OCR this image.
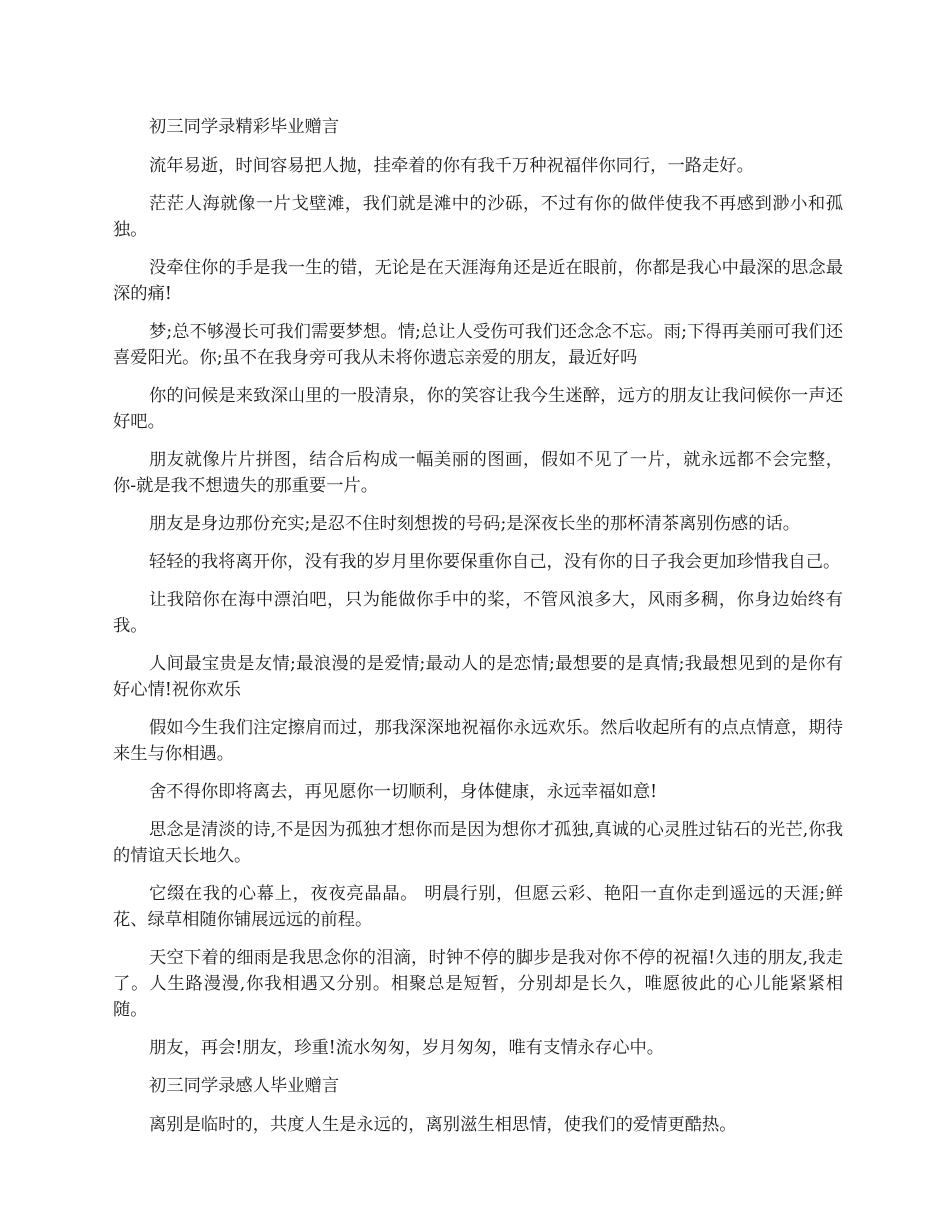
初三同学录精彩毕业赠言

流年易逝，时间容易把人抛，挂牵着的你有我千万种祝福伴你同行，一路走好。

茫茫人海就像一片戈壁滩，我们就是滩中的沙砾，不过有你的做伴使我不再感到渺小和孤独。

没牵住你的手是我一生的错，无论是在天涯海角还是近在眼前，你都是我心中最深的思念最深的痛!

梦;总不够漫长可我们需要梦想。情;总让人受伤可我们还念念不忘。雨;下得再美丽可我们还喜爱阳光。你;虽不在我身旁可我从未将你遗忘亲爱的朋友，最近好吗

你的问候是来致深山里的一股清泉，你的笑容让我今生迷醉，远方的朋友让我问候你一声还好吧。

朋友就像片片拼图，结合后构成一幅美丽的图画，假如不见了一片，就永远都不会完整，你-就是我不想遗失的那重要一片。

朋友是身边那份充实;是忍不住时刻想拨的号码;是深夜长坐的那杯清茶离别伤感的话。

轻轻的我将离开你，没有我的岁月里你要保重你自己，没有你的日子我会更加珍惜我自己。

让我陪你在海中漂泊吧，只为能做你手中的桨，不管风浪多大，风雨多稠，你身边始终有我。

人间最宝贵是友情;最浪漫的是爱情;最动人的是恋情;最想要的是真情;我最想见到的是你有好心情!祝你欢乐

假如今生我们注定擦肩而过，那我深深地祝福你永远欢乐。然后收起所有的点点情意，期待来生与你相遇。

舍不得你即将离去，再见愿你一切顺利，身体健康，永远幸福如意!

思念是清淡的诗,不是因为孤独才想你而是因为想你才孤独,真诚的心灵胜过钻石的光芒,你我的情谊天长地久。

它缀在我的心幕上，夜夜亮晶晶。 明晨行别，但愿云彩、艳阳一直你走到遥远的天涯;鲜花、绿草相随你铺展远远的前程。

天空下着的细雨是我思念你的泪滴，时钟不停的脚步是我对你不停的祝福!久违的朋友,我走了。人生路漫漫,你我相遇又分别。相聚总是短暂，分别却是长久，唯愿彼此的心儿能紧紧相随。

朋友，再会!朋友，珍重!流水匆匆，岁月匆匆，唯有支情永存心中。

初三同学录感人毕业赠言

离别是临时的，共度人生是永远的，离别滋生相思情，使我们的爱情更酷热。
